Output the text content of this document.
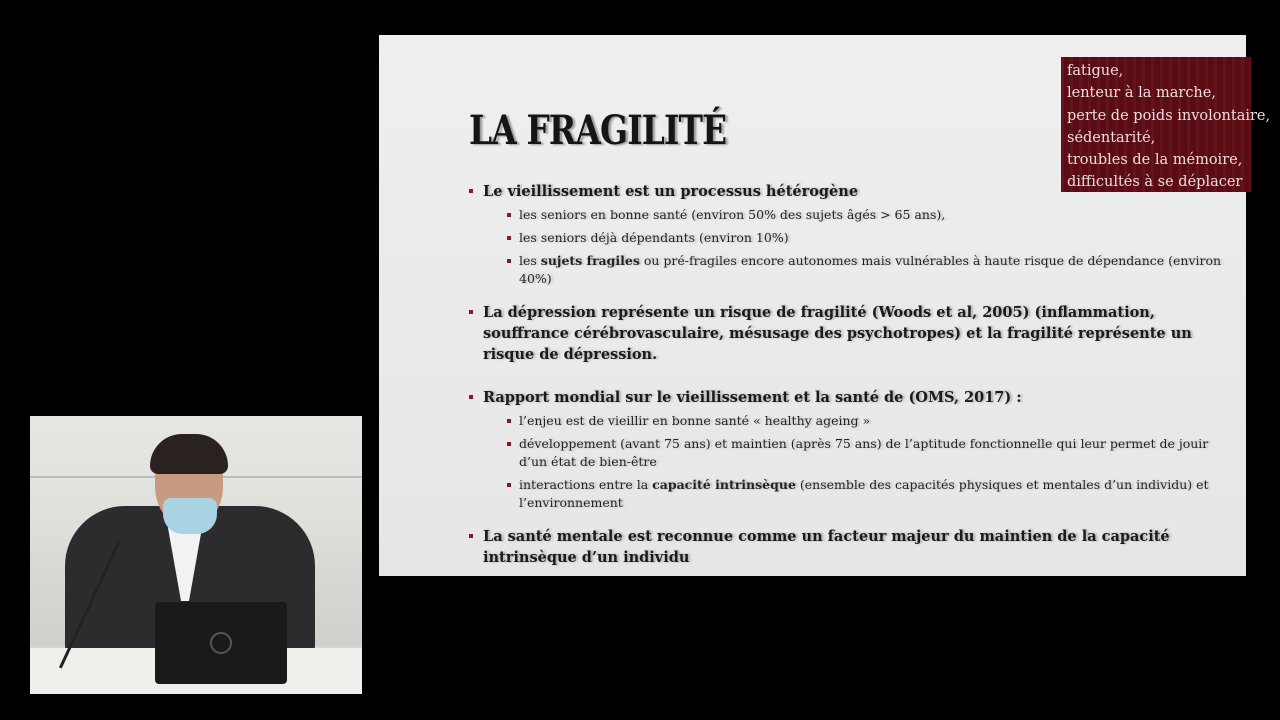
LA FRAGILITÉ
fatigue,
lenteur à la marche,
perte de poids involontaire,
sédentarité,
troubles de la mémoire,
difficultés à se déplacer
Le vieillissement est un processus hétérogène
les seniors en bonne santé (environ 50% des sujets âgés > 65 ans),
les seniors déjà dépendants (environ 10%)
les sujets fragiles ou pré-fragiles encore autonomes mais vulnérables à haute risque de dépendance (environ 40%)
La dépression représente un risque de fragilité (Woods et al, 2005) (inflammation, souffrance cérébrovasculaire, mésusage des psychotropes) et la fragilité représente un risque de dépression.
Rapport mondial sur le vieillissement et la santé de (OMS, 2017) :
l’enjeu est de vieillir en bonne santé « healthy ageing »
développement (avant 75 ans) et maintien (après 75 ans) de l’aptitude fonctionnelle qui leur permet de jouir d’un état de bien-être
interactions entre la capacité intrinsèque (ensemble des capacités physiques et mentales d’un individu) et l’environnement
La santé mentale est reconnue comme un facteur majeur du maintien de la capacité intrinsèque d’un individu
